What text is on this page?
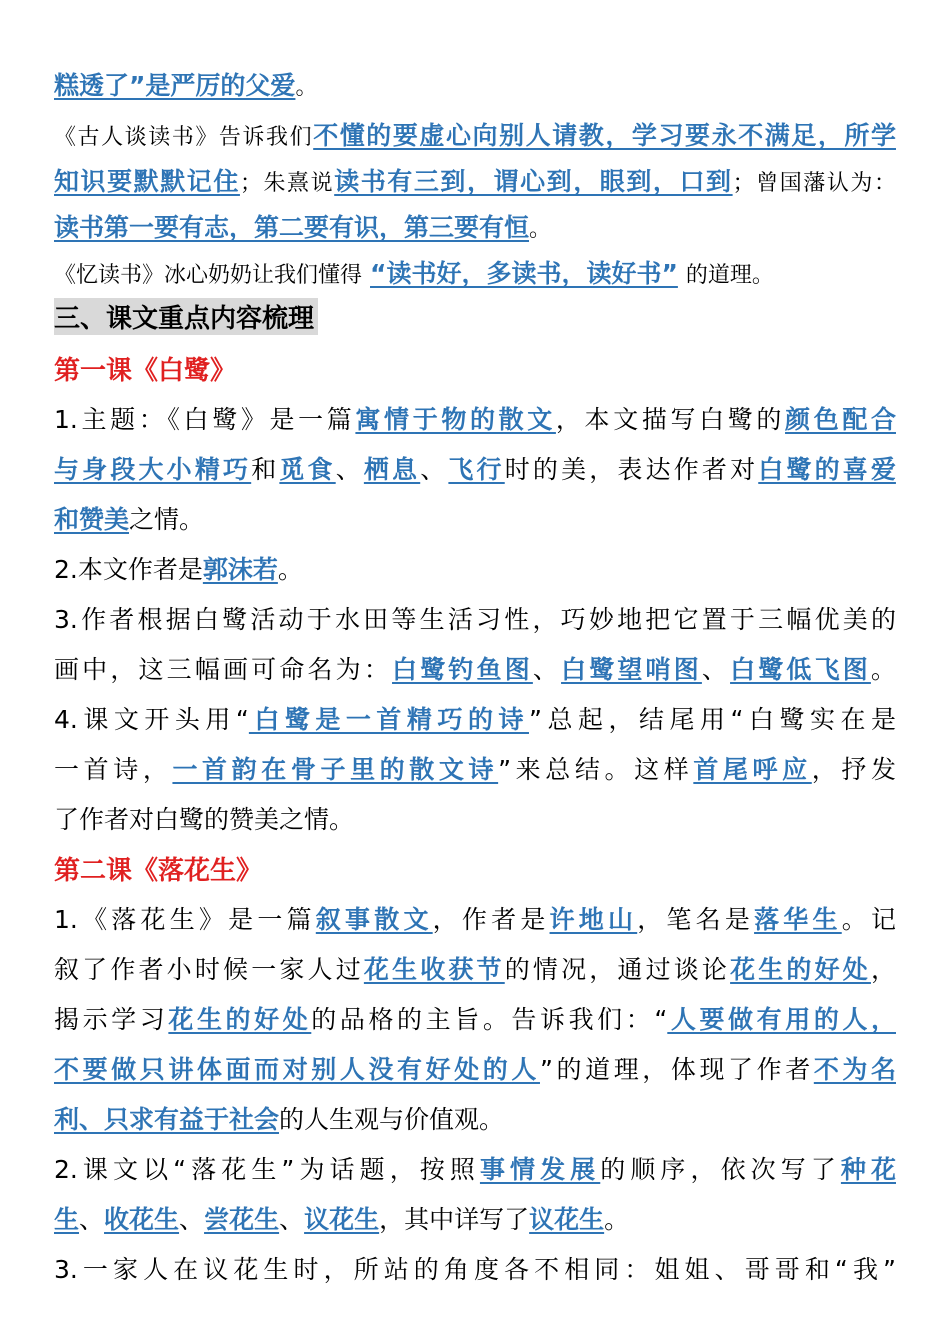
糕透了”是严厉的父爱。
《古人谈读书》告诉我们不懂的要虚心向别人请教，学习要永不满足，所学
知识要默默记住；朱熹说读书有三到，谓心到，眼到，口到；曾国藩认为：
读书第一要有志，第二要有识，第三要有恒。
《忆读书》冰心奶奶让我们懂得 “读书好，多读书，读好书” 的道理。
三、课文重点内容梳理
第一课《白鹭》
1.主题：《白鹭》是一篇寓情于物的散文，本文描写白鹭的颜色配合
与身段大小精巧和觅食、栖息、飞行时的美，表达作者对白鹭的喜爱
和赞美之情。
2.本文作者是郭沫若。
3.作者根据白鹭活动于水田等生活习性，巧妙地把它置于三幅优美的
画中，这三幅画可命名为：白鹭钓鱼图、白鹭望哨图、白鹭低飞图。
4.课文开头用“白鹭是一首精巧的诗”总起，结尾用“白鹭实在是
一首诗，一首韵在骨子里的散文诗”来总结。这样首尾呼应，抒发
了作者对白鹭的赞美之情。
第二课《落花生》
1.《落花生》是一篇叙事散文，作者是许地山，笔名是落华生。记
叙了作者小时候一家人过花生收获节的情况，通过谈论花生的好处，
揭示学习花生的好处的品格的主旨。告诉我们：“人要做有用的人，
不要做只讲体面而对别人没有好处的人”的道理，体现了作者不为名
利、只求有益于社会的人生观与价值观。
2.课文以“落花生”为话题，按照事情发展的顺序，依次写了种花
生、收花生、尝花生、议花生，其中详写了议花生。
3.一家人在议花生时，所站的角度各不相同：姐姐、哥哥和“我”
